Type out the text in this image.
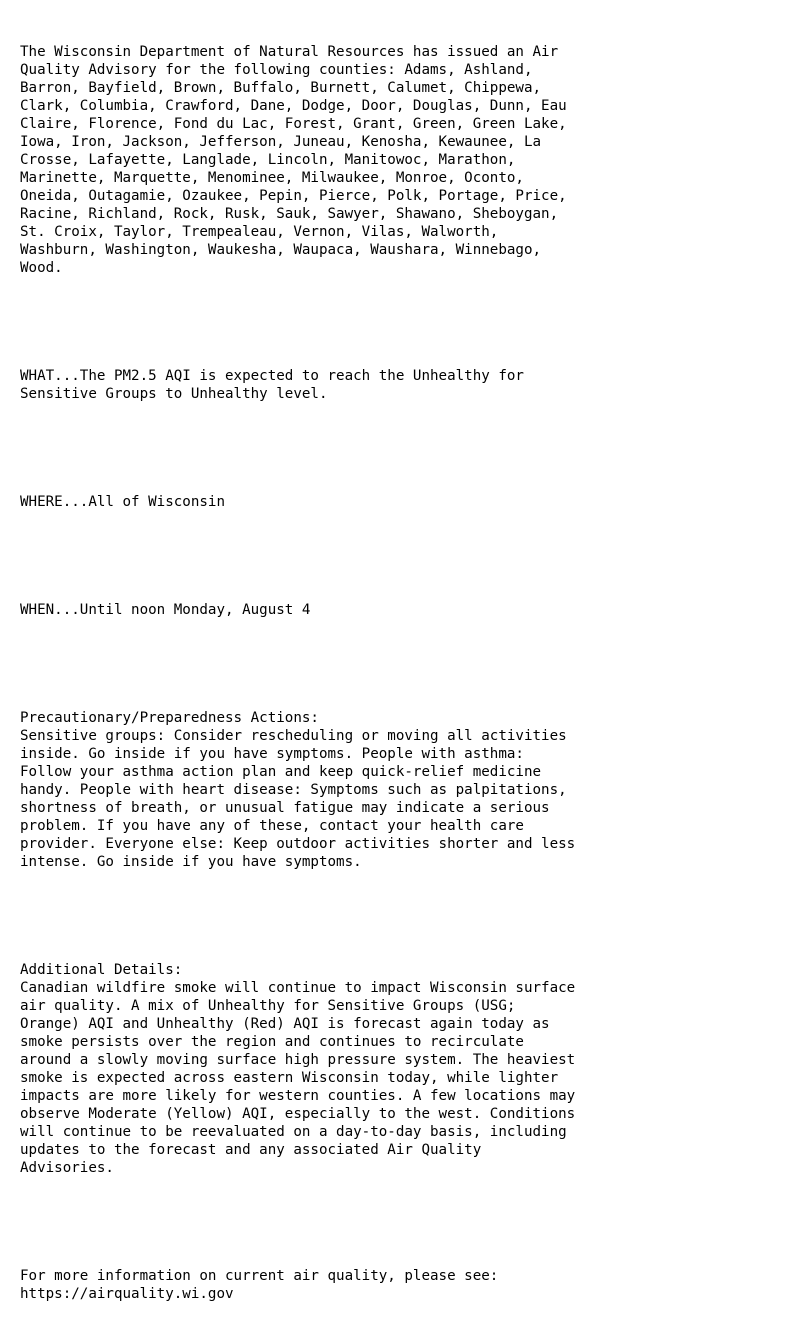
The Wisconsin Department of Natural Resources has issued an Air
Quality Advisory for the following counties: Adams, Ashland,
Barron, Bayfield, Brown, Buffalo, Burnett, Calumet, Chippewa,
Clark, Columbia, Crawford, Dane, Dodge, Door, Douglas, Dunn, Eau
Claire, Florence, Fond du Lac, Forest, Grant, Green, Green Lake,
Iowa, Iron, Jackson, Jefferson, Juneau, Kenosha, Kewaunee, La
Crosse, Lafayette, Langlade, Lincoln, Manitowoc, Marathon,
Marinette, Marquette, Menominee, Milwaukee, Monroe, Oconto,
Oneida, Outagamie, Ozaukee, Pepin, Pierce, Polk, Portage, Price,
Racine, Richland, Rock, Rusk, Sauk, Sawyer, Shawano, Sheboygan,
St. Croix, Taylor, Trempealeau, Vernon, Vilas, Walworth,
Washburn, Washington, Waukesha, Waupaca, Waushara, Winnebago,
Wood.

WHAT...The PM2.5 AQI is expected to reach the Unhealthy for
Sensitive Groups to Unhealthy level.

WHERE...All of Wisconsin

WHEN...Until noon Monday, August 4

Precautionary/Preparedness Actions:
Sensitive groups: Consider rescheduling or moving all activities
inside. Go inside if you have symptoms. People with asthma:
Follow your asthma action plan and keep quick-relief medicine
handy. People with heart disease: Symptoms such as palpitations,
shortness of breath, or unusual fatigue may indicate a serious
problem. If you have any of these, contact your health care
provider. Everyone else: Keep outdoor activities shorter and less
intense. Go inside if you have symptoms.

Additional Details:
Canadian wildfire smoke will continue to impact Wisconsin surface
air quality. A mix of Unhealthy for Sensitive Groups (USG;
Orange) AQI and Unhealthy (Red) AQI is forecast again today as
smoke persists over the region and continues to recirculate
around a slowly moving surface high pressure system. The heaviest
smoke is expected across eastern Wisconsin today, while lighter
impacts are more likely for western counties. A few locations may
observe Moderate (Yellow) AQI, especially to the west. Conditions
will continue to be reevaluated on a day-to-day basis, including
updates to the forecast and any associated Air Quality
Advisories.

For more information on current air quality, please see:
https://airquality.wi.gov
